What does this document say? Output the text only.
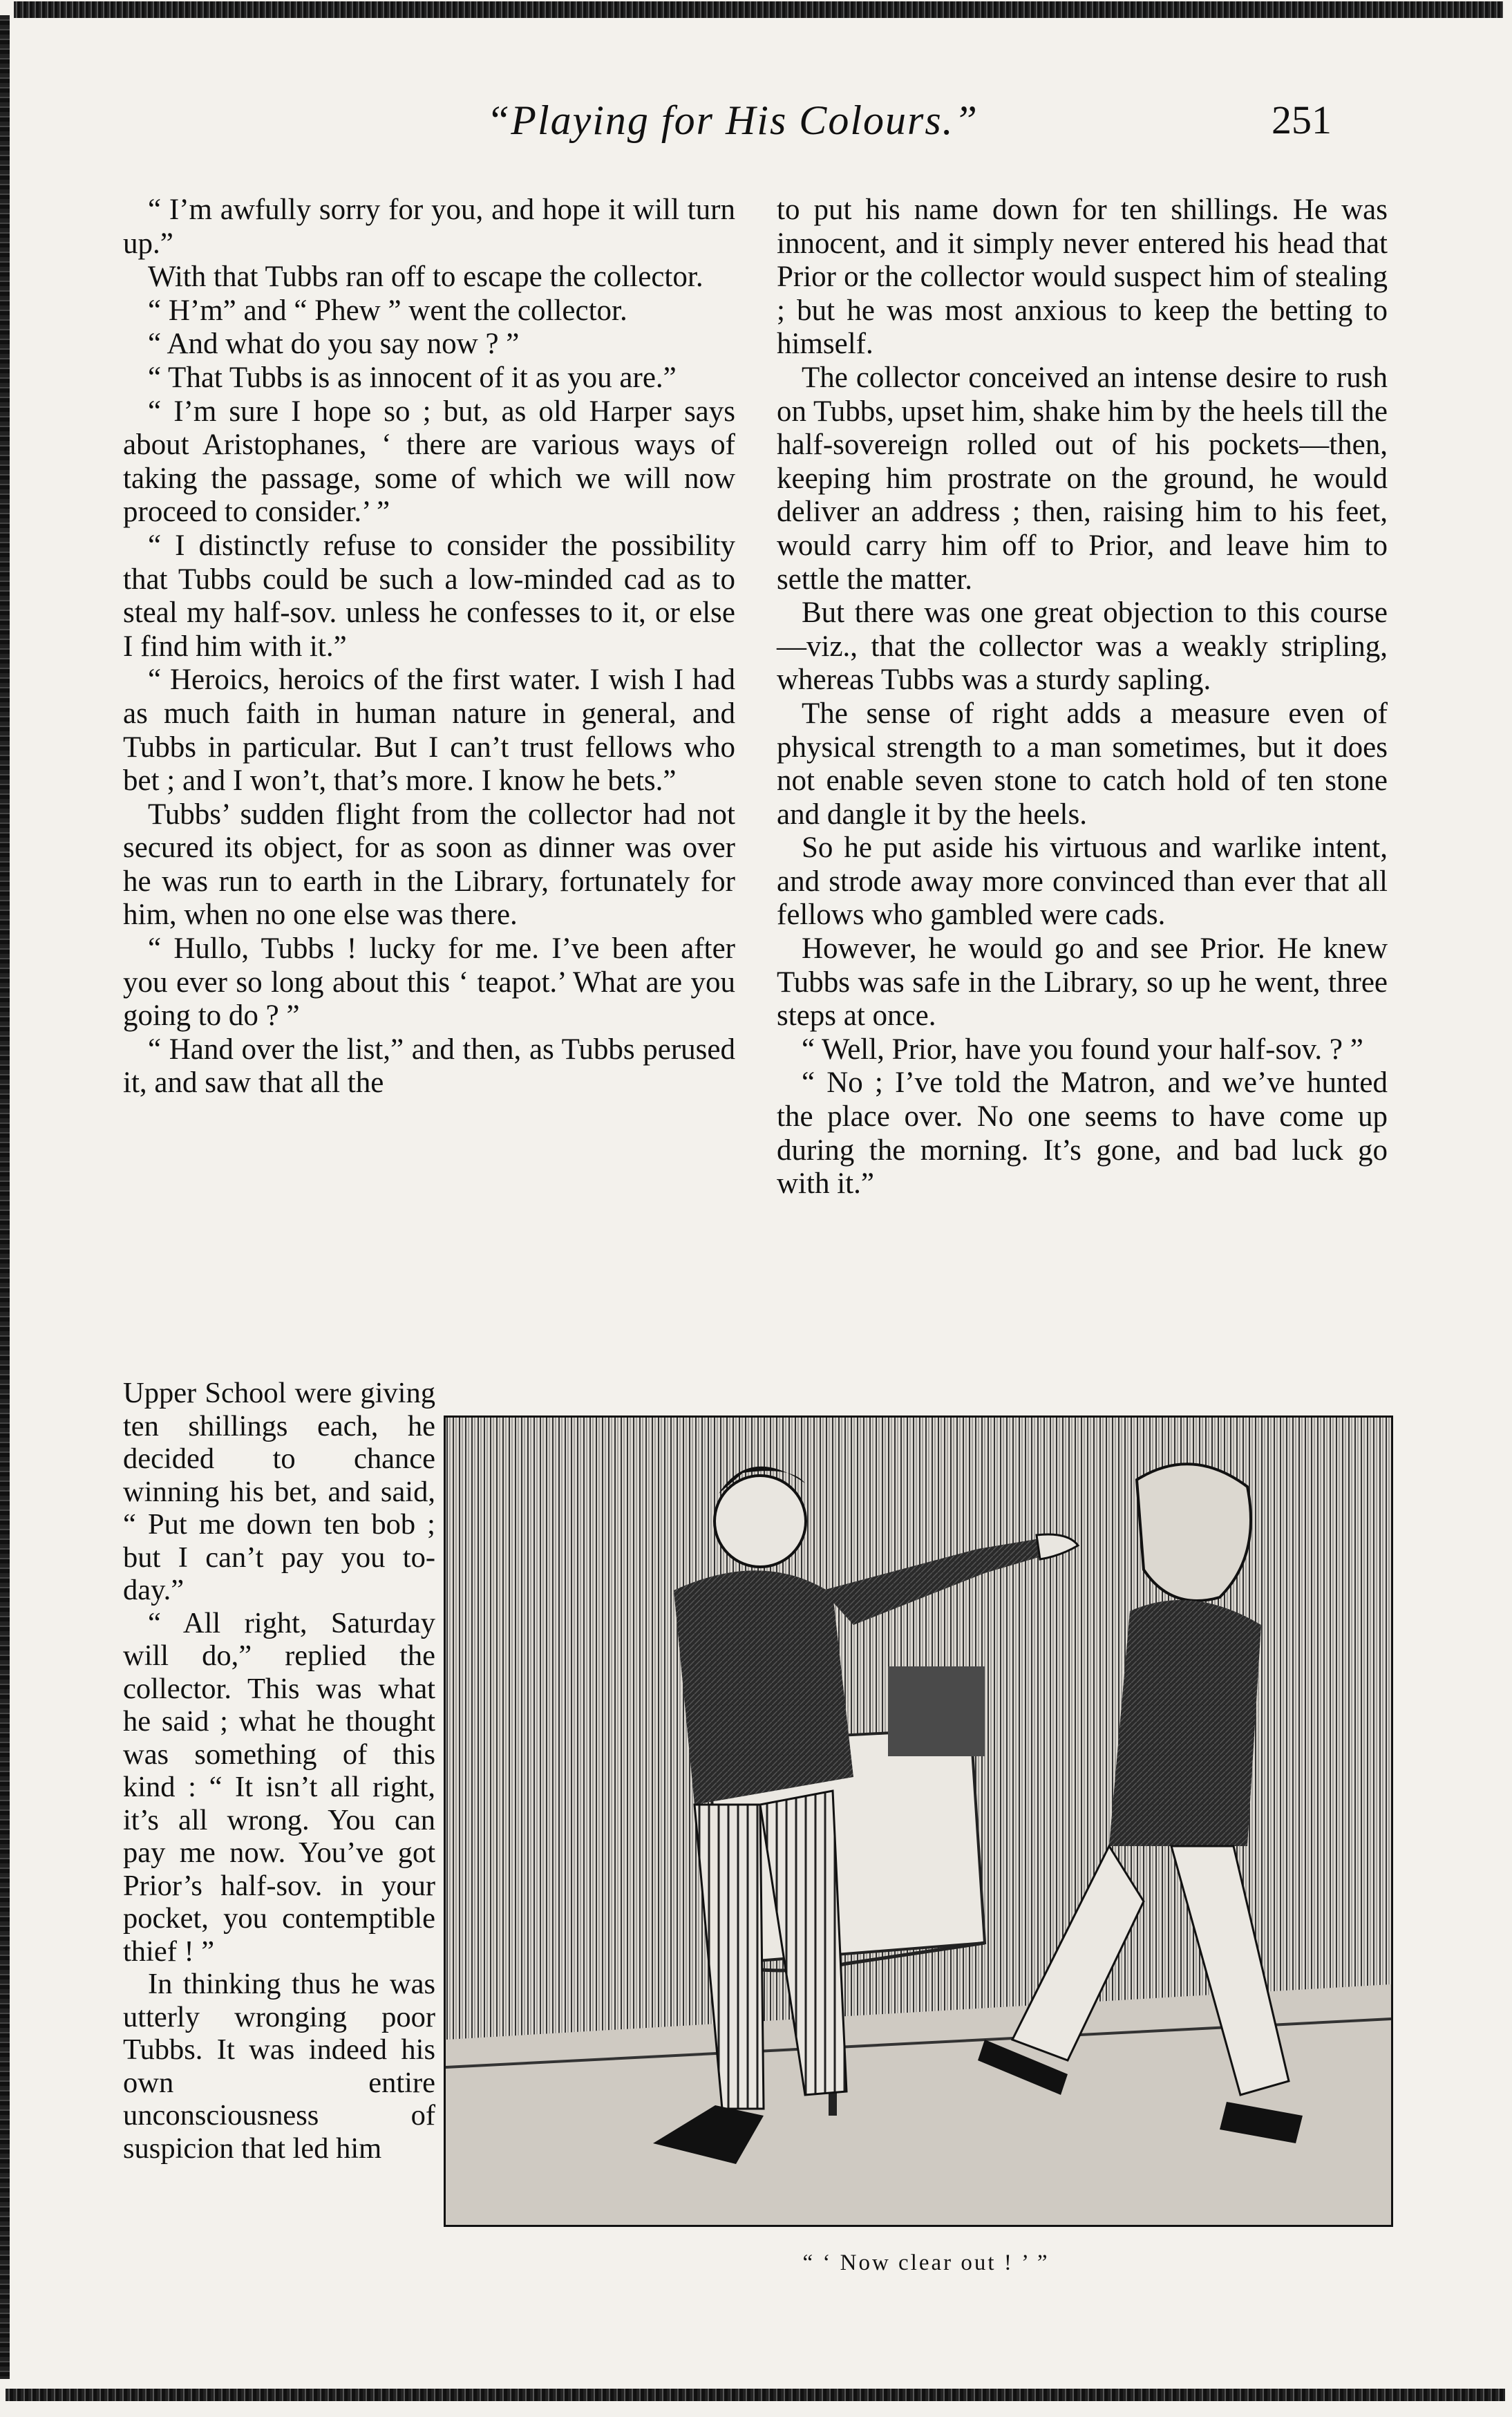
“Playing for His Colours.”	251

“ I’m awfully sorry for you, and hope it will turn up.”

With that Tubbs ran off to escape the collector.

“ H’m” and “ Phew ” went the collector.

“ And what do you say now ? ”

“ That Tubbs is as innocent of it as you are.”

“ I’m sure I hope so ; but, as old Harper says about Aristophanes, ‘ there are various ways of taking the passage, some of which we will now proceed to consider.’ ”

“ I distinctly refuse to consider the possibility that Tubbs could be such a low-minded cad as to steal my half-sov. unless he confesses to it, or else I find him with it.”

“ Heroics, heroics of the first water. I wish I had as much faith in human nature in general, and Tubbs in particular. But I can’t trust fellows who bet ; and I won’t, that’s more. I know he bets.”

Tubbs’ sudden flight from the collector had not secured its object, for as soon as dinner was over he was run to earth in the Library, fortunately for him, when no one else was there.

“ Hullo, Tubbs ! lucky for me. I’ve been after you ever so long about this ‘ teapot.’ What are you going to do ? ”

“ Hand over the list,” and then, as Tubbs perused it, and saw that all the

Upper School were giving ten shillings each, he decided to chance winning his bet, and said, “ Put me down ten bob ; but I can’t pay you to-day.”

“ All right, Saturday will do,” replied the collector. This was what he said ; what he thought was something of this kind : “ It isn’t all right, it’s all wrong. You can pay me now. You’ve got Prior’s half-sov. in your pocket, you contemptible thief ! ”

In thinking thus he was utterly wronging poor Tubbs. It was indeed his own entire unconsciousness of suspicion that led him

to put his name down for ten shillings. He was innocent, and it simply never entered his head that Prior or the collector would suspect him of stealing ; but he was most anxious to keep the betting to himself.

The collector conceived an intense desire to rush on Tubbs, upset him, shake him by the heels till the half-sovereign rolled out of his pockets—then, keeping him prostrate on the ground, he would deliver an address ; then, raising him to his feet, would carry him off to Prior, and leave him to settle the matter.

But there was one great objection to this course—viz., that the collector was a weakly stripling, whereas Tubbs was a sturdy sapling.

The sense of right adds a measure even of physical strength to a man sometimes, but it does not enable seven stone to catch hold of ten stone and dangle it by the heels.

So he put aside his virtuous and warlike intent, and strode away more convinced than ever that all fellows who gambled were cads.

However, he would go and see Prior. He knew Tubbs was safe in the Library, so up he went, three steps at once.

“ Well, Prior, have you found your half-sov. ? ”

“ No ; I’ve told the Matron, and we’ve hunted the place over. No one seems to have come up during the morning. It’s gone, and bad luck go with it.”

“ ‘ Now clear out ! ’ ”
